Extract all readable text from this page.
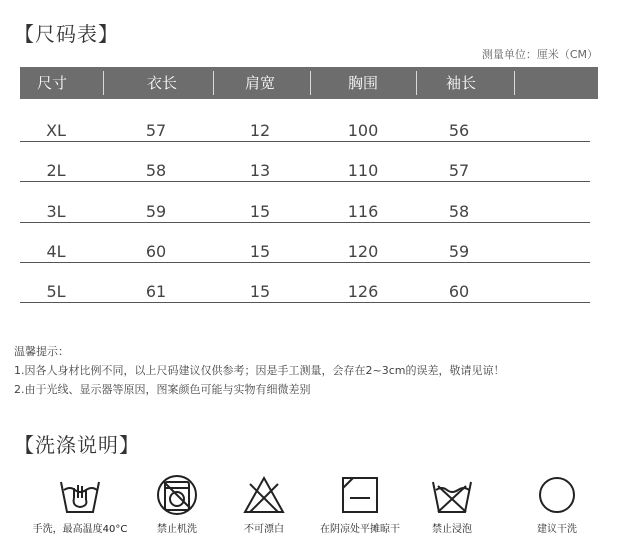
【尺码表】
测量单位：厘米（CM）
尺寸	衣长	肩宽	胸围	袖长
XL	57	12	100	56
2L	58	13	110	57
3L	59	15	116	58
4L	60	15	120	59
5L	61	15	126	60
温馨提示：
1.因各人身材比例不同，以上尺码建议仅供参考；因是手工测量，会存在2~3cm的误差，敬请见谅！
2.由于光线、显示器等原因，图案颜色可能与实物有细微差别
【洗涤说明】
手洗，最高温度40°C	禁止机洗	不可漂白	在阴凉处平摊晾干	禁止浸泡	建议干洗
